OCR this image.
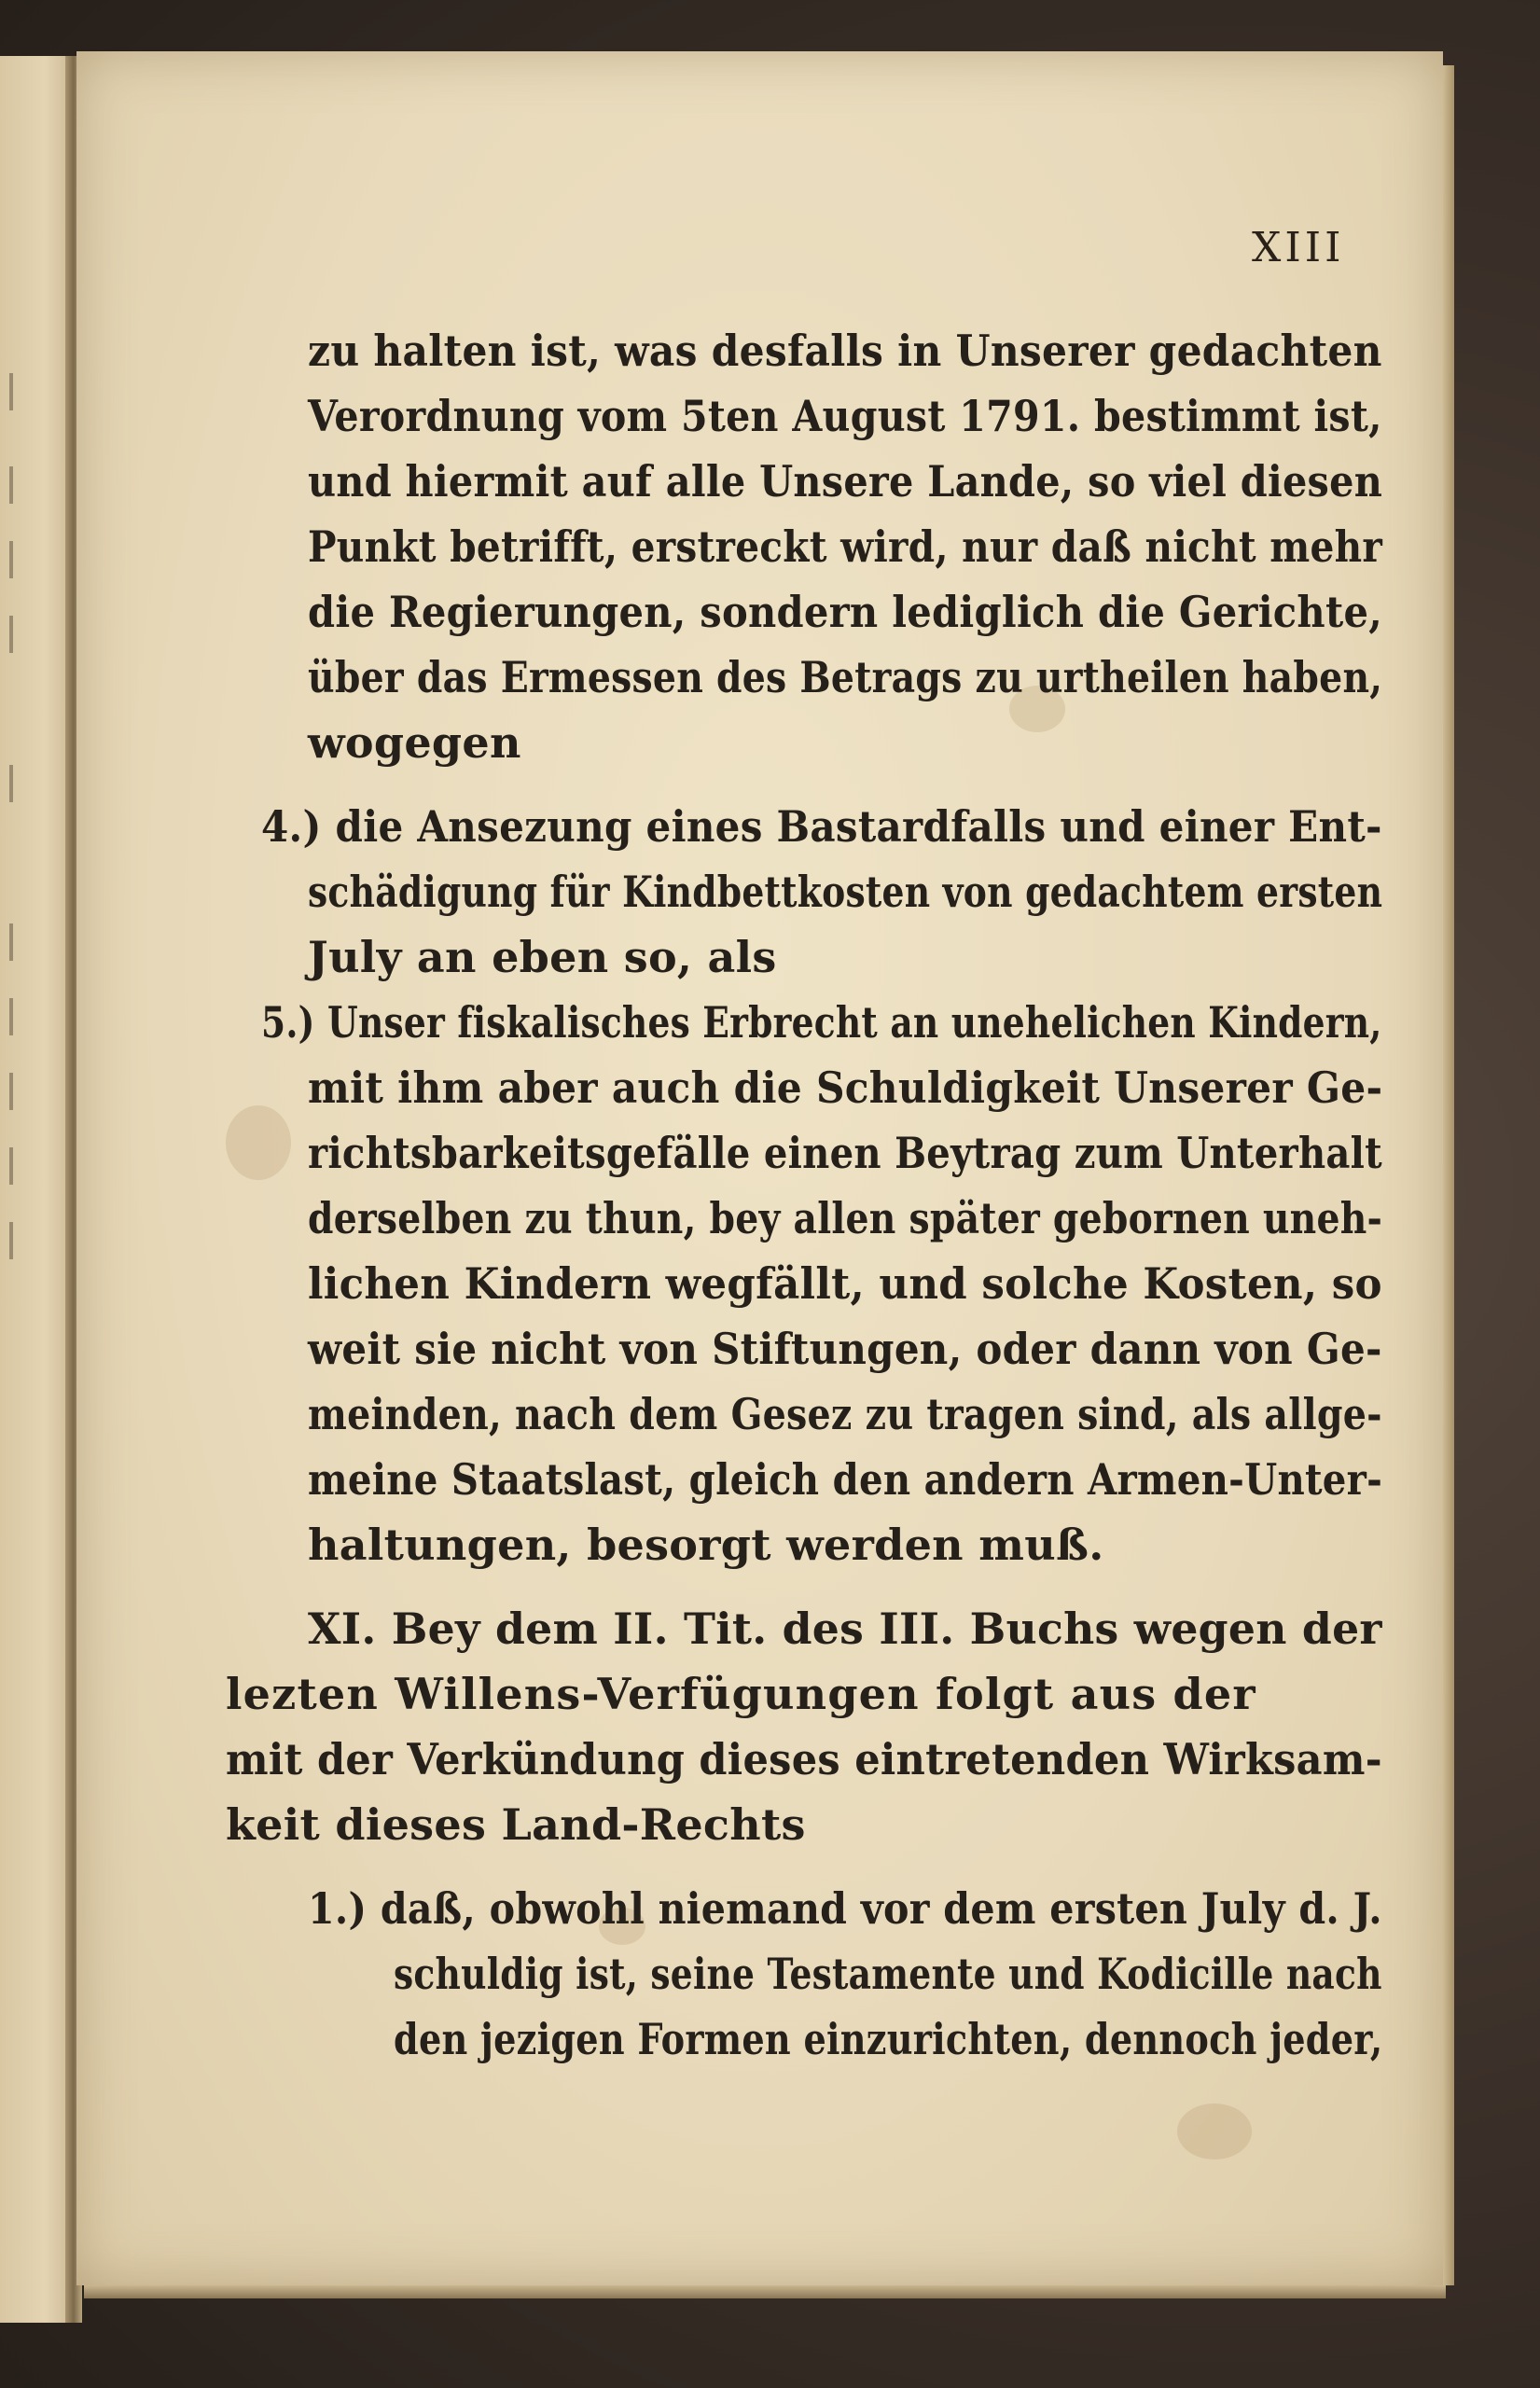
XIII
zu halten ist, was desfalls in Unserer gedachten
Verordnung vom 5ten August 1791. bestimmt ist,
und hiermit auf alle Unsere Lande, so viel diesen
Punkt betrifft, erstreckt wird, nur daß nicht mehr
die Regierungen, sondern lediglich die Gerichte,
über das Ermessen des Betrags zu urtheilen haben,
wogegen
4.) die Ansezung eines Bastardfalls und einer Ent-
schädigung für Kindbettkosten von gedachtem ersten
July an eben so, als
5.) Unser fiskalisches Erbrecht an unehelichen Kindern,
mit ihm aber auch die Schuldigkeit Unserer Ge-
richtsbarkeitsgefälle einen Beytrag zum Unterhalt
derselben zu thun, bey allen später gebornen uneh-
lichen Kindern wegfällt, und solche Kosten, so
weit sie nicht von Stiftungen, oder dann von Ge-
meinden, nach dem Gesez zu tragen sind, als allge-
meine Staatslast, gleich den andern Armen-Unter-
haltungen, besorgt werden muß.
XI. Bey dem II. Tit. des III. Buchs wegen der
lezten Willens-Verfügungen folgt aus der
mit der Verkündung dieses eintretenden Wirksam-
keit dieses Land-Rechts
1.) daß, obwohl niemand vor dem ersten July d. J.
schuldig ist, seine Testamente und Kodicille nach
den jezigen Formen einzurichten, dennoch jeder,
